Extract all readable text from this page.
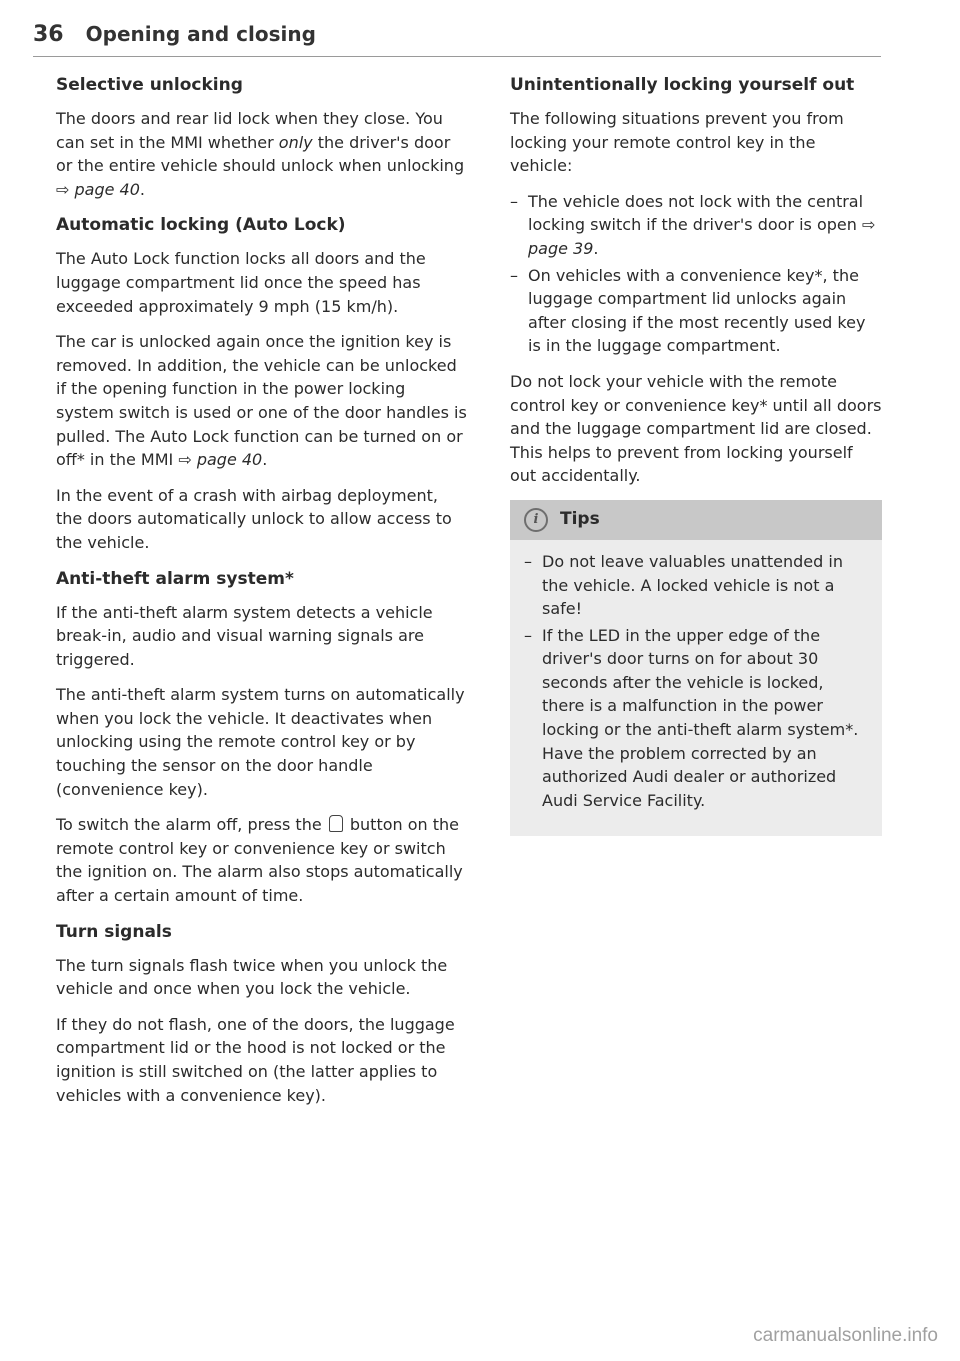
36 Opening and closing
Selective unlocking

The doors and rear lid lock when they close. You can set in the MMI whether only the driver's door or the entire vehicle should unlock when unlocking ⇨ page 40.

Automatic locking (Auto Lock)

The Auto Lock function locks all doors and the luggage compartment lid once the speed has exceeded approximately 9 mph (15 km/h).

The car is unlocked again once the ignition key is removed. In addition, the vehicle can be unlocked if the opening function in the power locking system switch is used or one of the door handles is pulled. The Auto Lock function can be turned on or off* in the MMI ⇨ page 40.

In the event of a crash with airbag deployment, the doors automatically unlock to allow access to the vehicle.

Anti-theft alarm system*

If the anti-theft alarm system detects a vehicle break-in, audio and visual warning signals are triggered.

The anti-theft alarm system turns on automatically when you lock the vehicle. It deactivates when unlocking using the remote control key or by touching the sensor on the door handle (convenience key).

To switch the alarm off, press the  button on the remote control key or convenience key or switch the ignition on. The alarm also stops automatically after a certain amount of time.

Turn signals

The turn signals flash twice when you unlock the vehicle and once when you lock the vehicle.

If they do not flash, one of the doors, the luggage compartment lid or the hood is not locked or the ignition is still switched on (the latter applies to vehicles with a convenience key).

Unintentionally locking yourself out

The following situations prevent you from locking your remote control key in the vehicle:

– The vehicle does not lock with the central locking switch if the driver's door is open ⇨ page 39.
– On vehicles with a convenience key*, the luggage compartment lid unlocks again after closing if the most recently used key is in the luggage compartment.

Do not lock your vehicle with the remote control key or convenience key* until all doors and the luggage compartment lid are closed. This helps to prevent from locking yourself out accidentally.

i	Tips
– Do not leave valuables unattended in the vehicle. A locked vehicle is not a safe!
– If the LED in the upper edge of the driver's door turns on for about 30 seconds after the vehicle is locked, there is a malfunction in the power locking or the anti-theft alarm system*. Have the problem corrected by an authorized Audi dealer or authorized Audi Service Facility.
carmanualsonline.info
